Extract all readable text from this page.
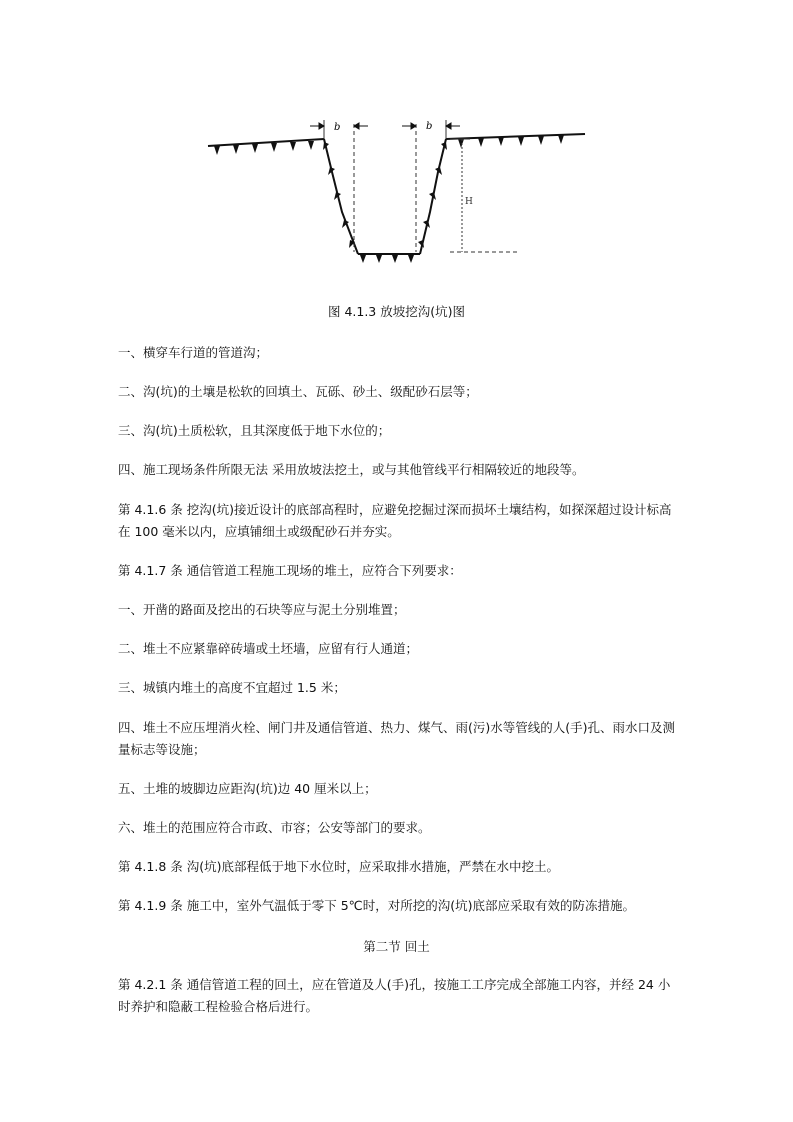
b	b
H
图 4.1.3 放坡挖沟(坑)图

一、横穿车行道的管道沟；

二、沟(坑)的土壤是松软的回填土、瓦砾、砂土、级配砂石层等；

三、沟(坑)土质松软，且其深度低于地下水位的；

四、施工现场条件所限无法 采用放坡法挖土，或与其他管线平行相隔较近的地段等。

第 4.1.6 条 挖沟(坑)接近设计的底部高程时，应避免挖掘过深而损坏土壤结构，如探深超过设计标高在 100 毫米以内，应填铺细土或级配砂石并夯实。

第 4.1.7 条 通信管道工程施工现场的堆土，应符合下列要求：

一、开凿的路面及挖出的石块等应与泥土分别堆置；

二、堆土不应紧靠碎砖墙或土坯墙，应留有行人通道；

三、城镇内堆土的高度不宜超过 1.5 米；

四、堆土不应压埋消火栓、闸门井及通信管道、热力、煤气、雨(污)水等管线的人(手)孔、雨水口及测量标志等设施；

五、土堆的坡脚边应距沟(坑)边 40 厘米以上；

六、堆土的范围应符合市政、市容；公安等部门的要求。

第 4.1.8 条 沟(坑)底部程低于地下水位时，应采取排水措施，严禁在水中挖土。

第 4.1.9 条 施工中，室外气温低于零下 5℃时，对所挖的沟(坑)底部应采取有效的防冻措施。

第二节 回土

第 4.2.1 条 通信管道工程的回土，应在管道及人(手)孔，按施工工序完成全部施工内容，并经 24 小时养护和隐蔽工程检验合格后进行。
